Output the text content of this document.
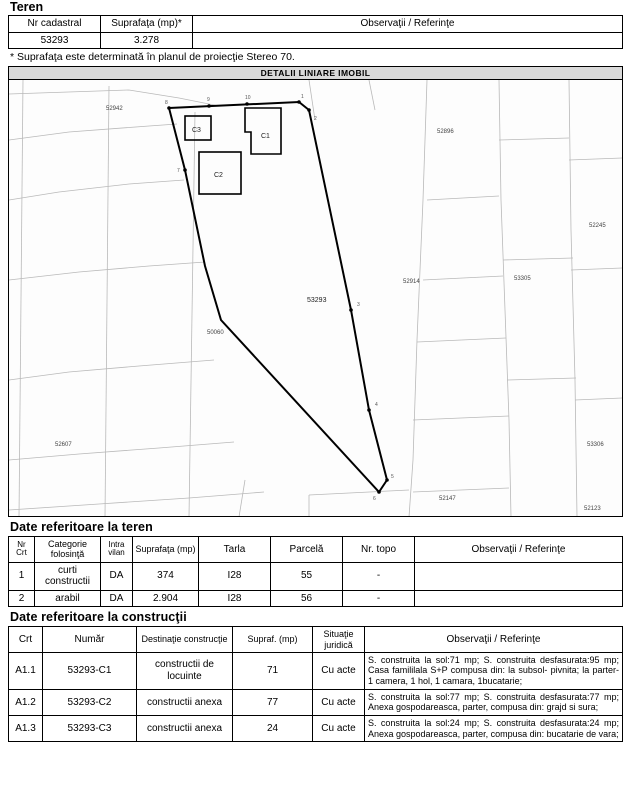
Teren
Nr cadastral	Suprafaţa (mp)*	Observaţii / Referinţe
53293	3.278	
* Suprafaţa este determinată în planul de proiecţie Stereo 70.
DETALII LINIARE IMOBIL
8	9	10	1
2
3
4
5
6
7
C3
C1
C2
53293
52942
52896
52245
53305
52914
50060
52607	53306
52147
52123
Date referitoare la teren
Nr Crt	Categorie folosinţă	Intra vilan	Suprafaţa (mp)	Tarla	Parcelă	Nr. topo	Observaţii / Referinţe
1	curti constructii	DA	374	I28	55	-	
2	arabil	DA	2.904	I28	56	-	
Date referitoare la construcţii
Crt	Număr	Destinaţie construcţie	Supraf. (mp)	Situaţie juridică	Observaţii / Referinţe
A1.1	53293-C1	constructii de locuinte	71	Cu acte	S. construita la sol:71 mp; S. construita desfasurata:95 mp; Casa famililala S+P compusa din: la subsol- pivnita; la parter- 1 camera, 1 hol, 1 camara, 1bucatarie;
A1.2	53293-C2	constructii anexa	77	Cu acte	S. construita la sol:77 mp; S. construita desfasurata:77 mp; Anexa gospodareasca, parter, compusa din: grajd si sura;
A1.3	53293-C3	constructii anexa	24	Cu acte	S. construita la sol:24 mp; S. construita desfasurata:24 mp; Anexa gospodareasca, parter, compusa din: bucatarie de vara;
